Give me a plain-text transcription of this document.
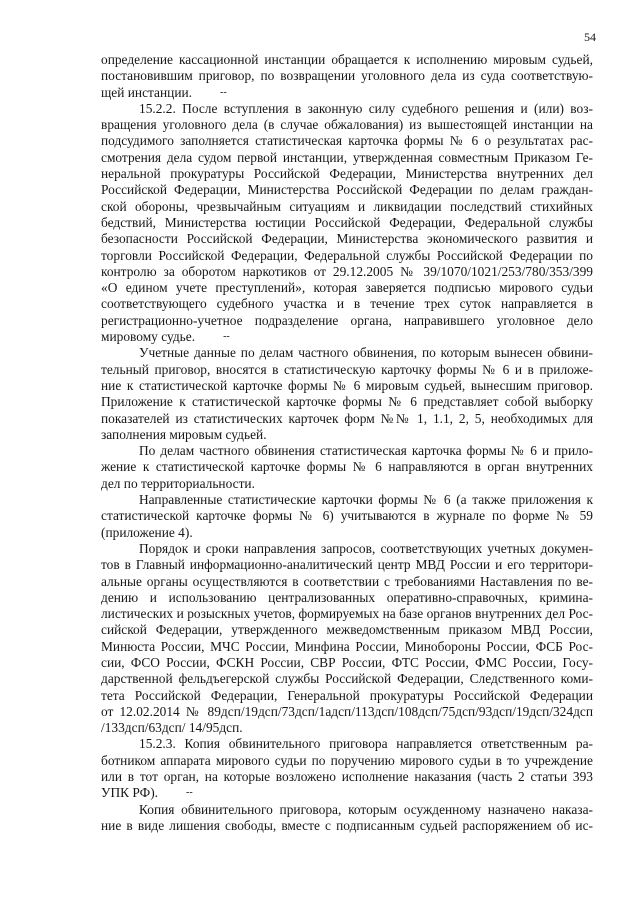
54
определение кассационной инстанции обращается к исполнению мировым судьей,
постановившим приговор, по возвращении уголовного дела из суда соответствую-
щей инстанции.	--
15.2.2. После вступления в законную силу судебного решения и (или) воз-
вращения уголовного дела (в случае обжалования) из вышестоящей инстанции на
подсудимого заполняется статистическая карточка формы № 6 о результатах рас-
смотрения дела судом первой инстанции, утвержденная совместным Приказом Ге-
неральной прокуратуры Российской Федерации, Министерства внутренних дел
Российской Федерации, Министерства Российской Федерации по делам граждан-
ской обороны, чрезвычайным ситуациям и ликвидации последствий стихийных
бедствий, Министерства юстиции Российской Федерации, Федеральной службы
безопасности Российской Федерации, Министерства экономического развития и
торговли Российской Федерации, Федеральной службы Российской Федерации по
контролю за оборотом наркотиков от 29.12.2005 № 39/1070/1021/253/780/353/399
«О едином учете преступлений», которая заверяется подписью мирового судьи
соответствующего судебного участка и в течение трех суток направляется в
регистрационно-учетное подразделение органа, направившего уголовное дело
мировому судье.	--
Учетные данные по делам частного обвинения, по которым вынесен обвини-
тельный приговор, вносятся в статистическую карточку формы № 6 и в приложе-
ние к статистической карточке формы № 6 мировым судьей, вынесшим приговор.
Приложение к статистической карточке формы № 6 представляет собой выборку
показателей из статистических карточек форм №№ 1, 1.1, 2, 5, необходимых для
заполнения мировым судьей.
По делам частного обвинения статистическая карточка формы № 6 и прило-
жение к статистической карточке формы № 6 направляются в орган внутренних
дел по территориальности.
Направленные статистические карточки формы № 6 (а также приложения к
статистической карточке формы № 6) учитываются в журнале по форме № 59
(приложение 4).
Порядок и сроки направления запросов, соответствующих учетных докумен-
тов в Главный информационно-аналитический центр МВД России и его территори-
альные органы осуществляются в соответствии с требованиями Наставления по ве-
дению и использованию централизованных оперативно-справочных, кримина-
листических и розыскных учетов, формируемых на базе органов внутренних дел Рос-
сийской Федерации, утвержденного межведомственным приказом МВД России,
Минюста России, МЧС России, Минфина России, Минобороны России, ФСБ Рос-
сии, ФСО России, ФСКН России, СВР России, ФТС России, ФМС России, Госу-
дарственной фельдъегерской службы Российской Федерации, Следственного коми-
тета Российской Федерации, Генеральной прокуратуры Российской Федерации
от 12.02.2014 № 89дсп/19дсп/73дсп/1адсп/113дсп/108дсп/75дсп/93дсп/19дсп/324дсп
/133дсп/63дсп/ 14/95дсп.
15.2.3. Копия обвинительного приговора направляется ответственным ра-
ботником аппарата мирового судьи по поручению мирового судьи в то учреждение
или в тот орган, на которые возложено исполнение наказания (часть 2 статьи 393
УПК РФ).	--
Копия обвинительного приговора, которым осужденному назначено наказа-
ние в виде лишения свободы, вместе с подписанным судьей распоряжением об ис-
